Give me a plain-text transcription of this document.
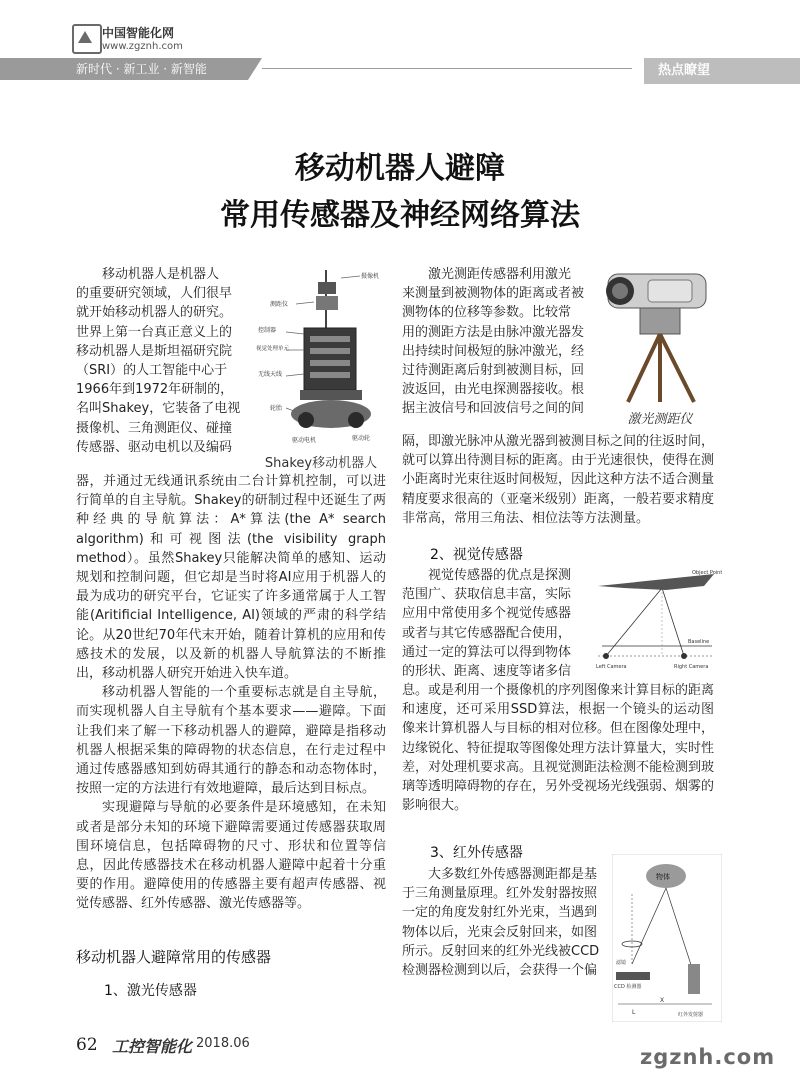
中国智能化网
www.zgznh.com
新时代 · 新工业 · 新智能	热点瞭望
移动机器人避障
常用传感器及神经网络算法

移动机器人是机器人

的重要研究领域，人们很早

就开始移动机器人的研究。

世界上第一台真正意义上的

移动机器人是斯坦福研究院

（SRI）的人工智能中心于

1966年到1972年研制的，

名叫Shakey，它装备了电视

摄像机、三角测距仪、碰撞

传感器、驱动电机以及编码

摄像机
测距仪
控制器
视觉处理单元
无线天线
轮胎
驱动电机	驱动轮
Shakey移动机器人

器，并通过无线通讯系统由二台计算机控制，可以进行简单的自主导航。Shakey的研制过程中还诞生了两种经典的导航算法：A*算法(the A* search algorithm)和可视图法(the visibility graph method）。虽然Shakey只能解决简单的感知、运动规划和控制问题，但它却是当时将AI应用于机器人的最为成功的研究平台，它证实了许多通常属于人工智能(Aritificial Intelligence, AI)领域的严肃的科学结论。从20世纪70年代末开始，随着计算机的应用和传感技术的发展，以及新的机器人导航算法的不断推出，移动机器人研究开始进入快车道。

移动机器人智能的一个重要标志就是自主导航，而实现机器人自主导航有个基本要求——避障。下面让我们来了解一下移动机器人的避障，避障是指移动机器人根据采集的障碍物的状态信息，在行走过程中通过传感器感知到妨碍其通行的静态和动态物体时，按照一定的方法进行有效地避障，最后达到目标点。

实现避障与导航的必要条件是环境感知，在未知或者是部分未知的环境下避障需要通过传感器获取周围环境信息，包括障碍物的尺寸、形状和位置等信息，因此传感器技术在移动机器人避障中起着十分重要的作用。避障使用的传感器主要有超声传感器、视觉传感器、红外传感器、激光传感器等。

移动机器人避障常用的传感器
1、激光传感器

激光测距传感器利用激光

来测量到被测物体的距离或者被

测物体的位移等参数。比较常

用的测距方法是由脉冲激光器发

出持续时间极短的脉冲激光，经

过待测距离后射到被测目标，回

波返回，由光电探测器接收。根

据主波信号和回波信号之间的间

激光测距仪

隔，即激光脉冲从激光器到被测目标之间的往返时间，就可以算出待测目标的距离。由于光速很快，使得在测小距离时光束往返时间极短，因此这种方法不适合测量精度要求很高的（亚毫米级别）距离，一般若要求精度非常高，常用三角法、相位法等方法测量。

2、视觉传感器

视觉传感器的优点是探测

范围广、获取信息丰富，实际

应用中常使用多个视觉传感器

或者与其它传感器配合使用，

通过一定的算法可以得到物体

的形状、距离、速度等诸多信

Object Point
Baseline
Left Camera	Right Camera

息。或是利用一个摄像机的序列图像来计算目标的距离和速度，还可采用SSD算法，根据一个镜头的运动图像来计算机器人与目标的相对位移。但在图像处理中，边缘锐化、特征提取等图像处理方法计算量大，实时性差，对处理机要求高。且视觉测距法检测不能检测到玻璃等透明障碍物的存在，另外受视场光线强弱、烟雾的影响很大。

3、红外传感器

大多数红外传感器测距都是基

于三角测量原理。红外发射器按照

一定的角度发射红外光束，当遇到

物体以后，光束会反射回来，如图

所示。反射回来的红外光线被CCD

检测器检测到以后，会获得一个偏

物体
滤镜
CCD 检测器
红外发射器
L
X
62 工控智能化 2018.06
zgznh.com
